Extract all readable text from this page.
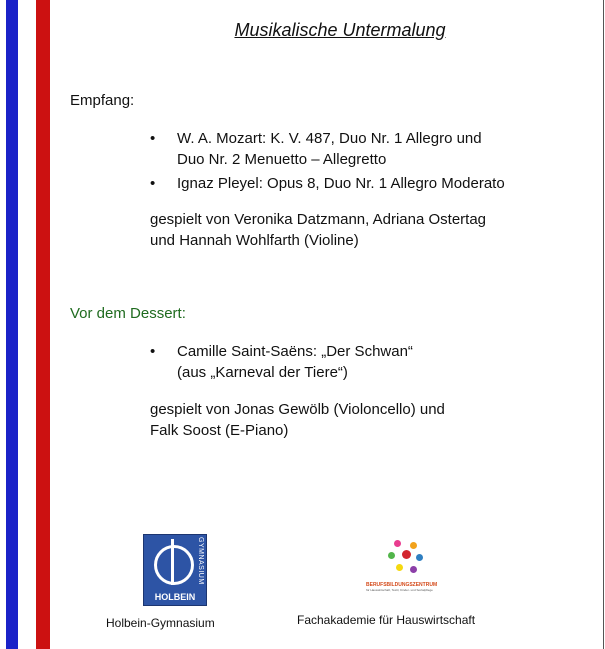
Musikalische Untermalung
Empfang:
• W. A. Mozart: K. V. 487, Duo Nr. 1 Allegro und
Duo Nr. 2 Menuetto – Allegretto
• Ignaz Pleyel: Opus 8, Duo Nr. 1 Allegro Moderato
gespielt von Veronika Datzmann, Adriana Ostertag
und Hannah Wohlfarth (Violine)
Vor dem Dessert:
• Camille Saint-Saëns: „Der Schwan“
(aus „Karneval der Tiere“)
gespielt von Jonas Gewölb (Violoncello) und
Falk Soost (E-Piano)
GYMNASIUM
HOLBEIN
Holbein-Gymnasium
BERUFSBILDUNGSZENTRUM
für Hauswirtschaft, Textil, Kinder- und Sozialpflege
Fachakademie für Hauswirtschaft
